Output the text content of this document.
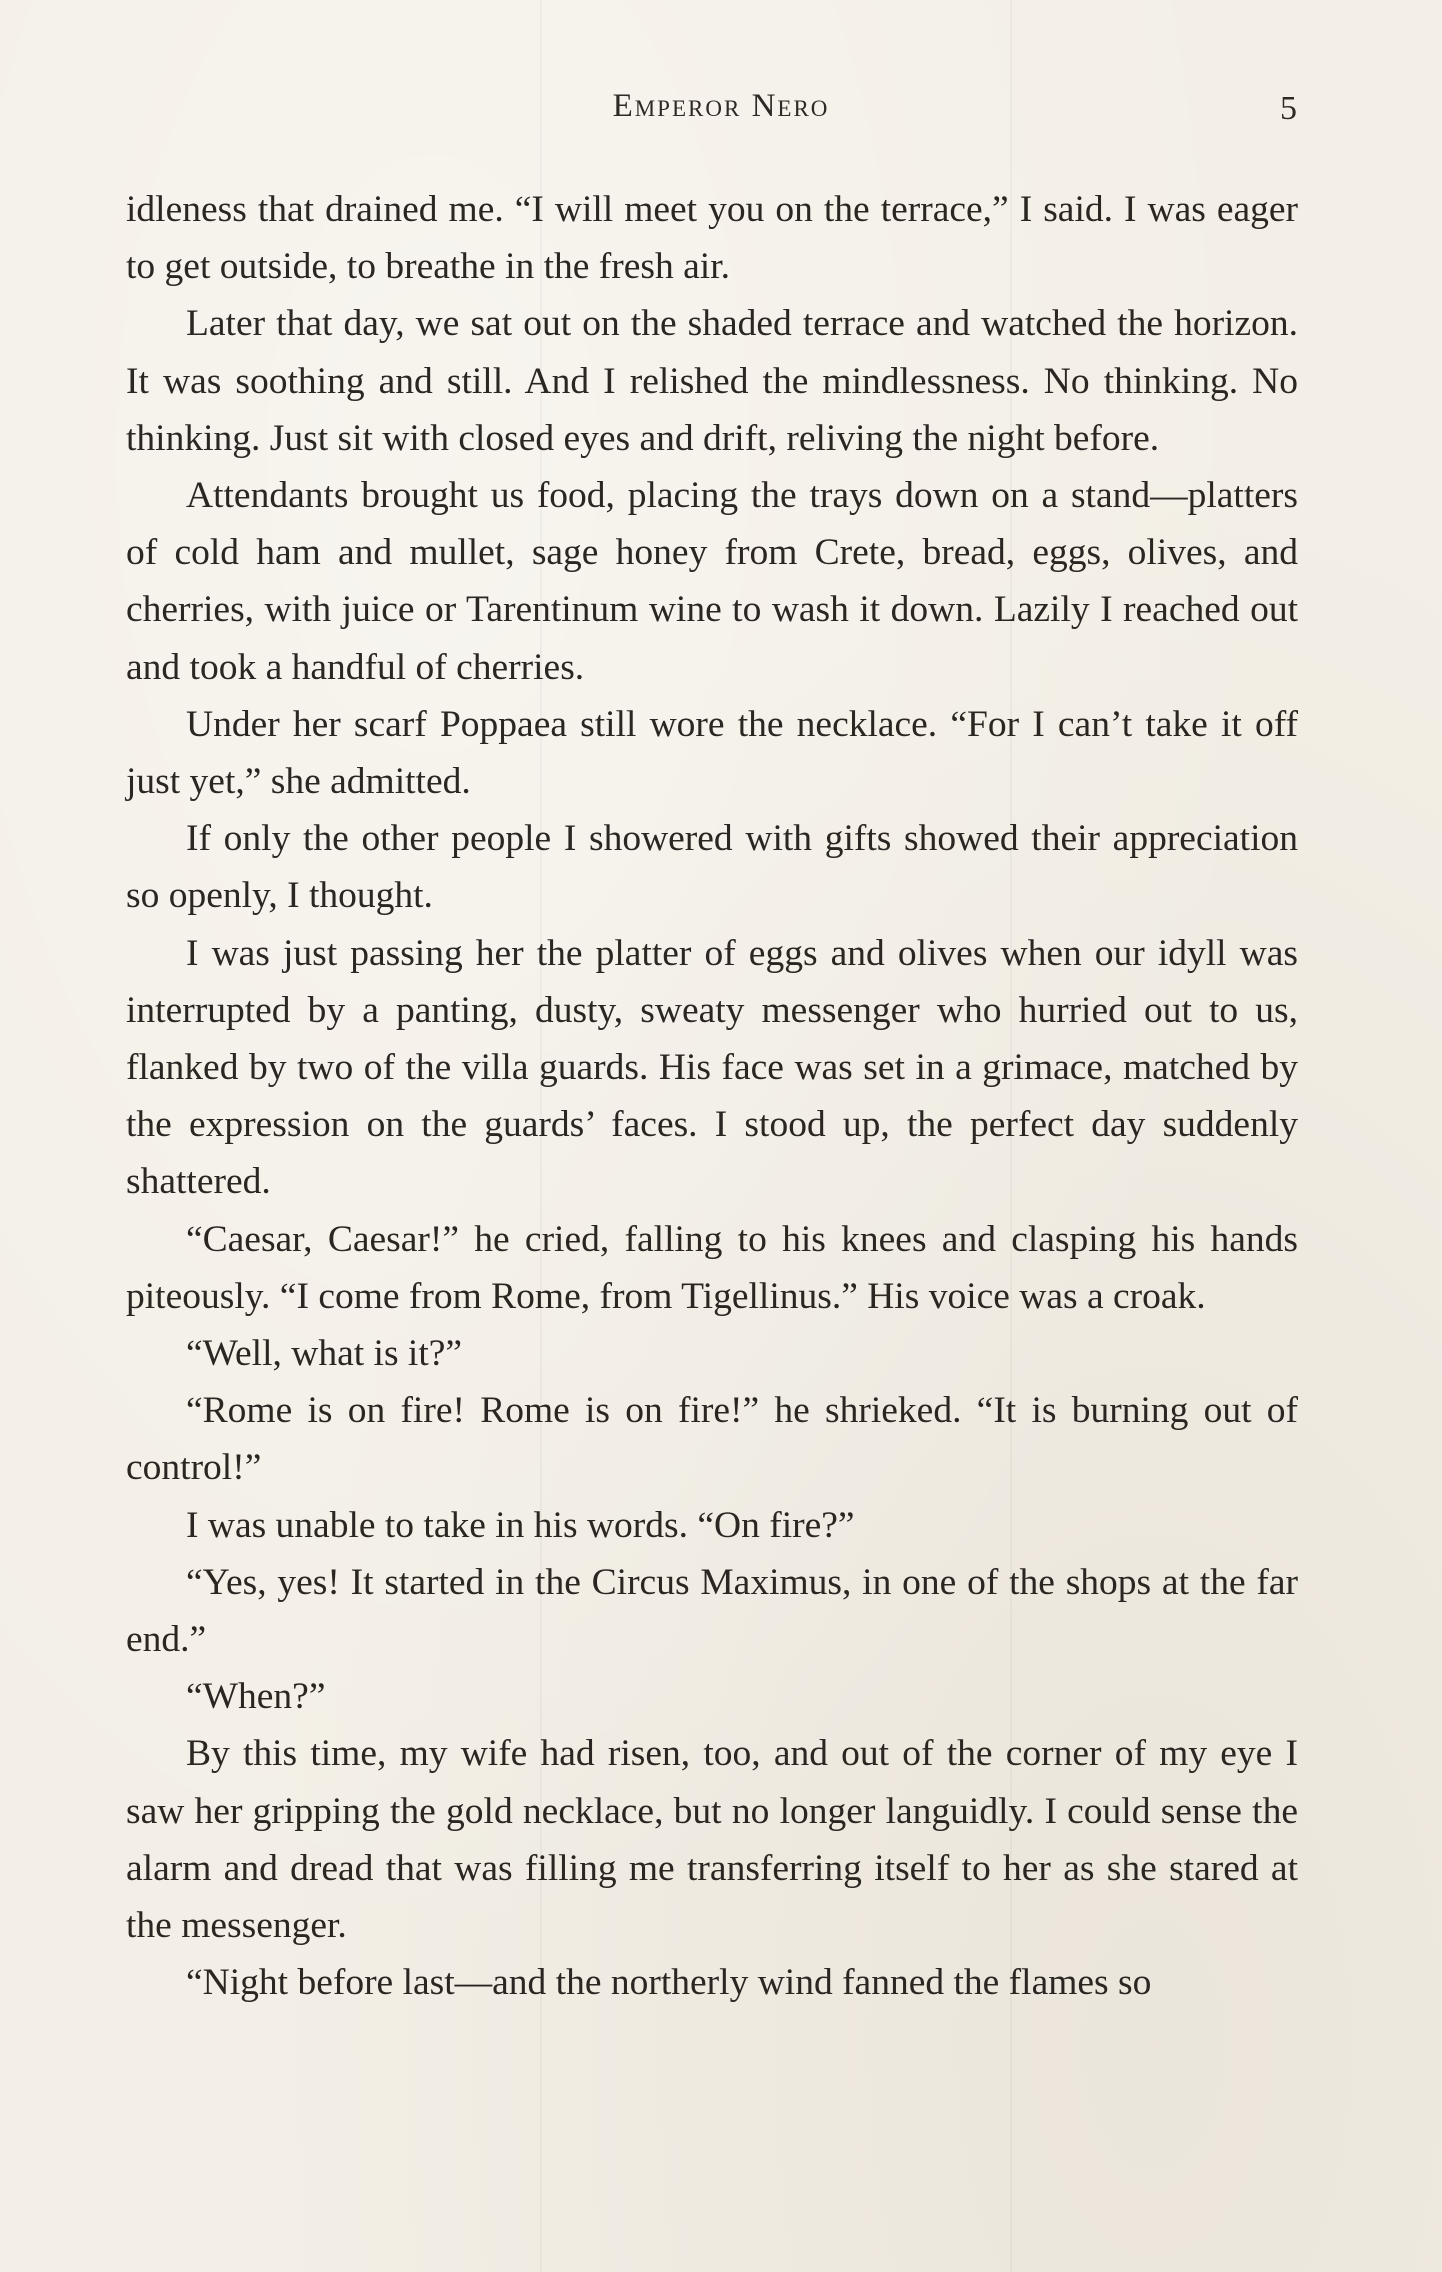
Emperor Nero	5

idleness that drained me. “I will meet you on the terrace,” I said. I was eager to get outside, to breathe in the fresh air.

Later that day, we sat out on the shaded terrace and watched the horizon. It was soothing and still. And I relished the mindlessness. No thinking. No thinking. Just sit with closed eyes and drift, reliving the night before.

Attendants brought us food, placing the trays down on a stand—platters of cold ham and mullet, sage honey from Crete, bread, eggs, olives, and cherries, with juice or Tarentinum wine to wash it down. Lazily I reached out and took a handful of cherries.

Under her scarf Poppaea still wore the necklace. “For I can’t take it off just yet,” she admitted.

If only the other people I showered with gifts showed their appreciation so openly, I thought.

I was just passing her the platter of eggs and olives when our idyll was interrupted by a panting, dusty, sweaty messenger who hurried out to us, flanked by two of the villa guards. His face was set in a grimace, matched by the expression on the guards’ faces. I stood up, the perfect day suddenly shattered.

“Caesar, Caesar!” he cried, falling to his knees and clasping his hands piteously. “I come from Rome, from Tigellinus.” His voice was a croak.

“Well, what is it?”

“Rome is on fire! Rome is on fire!” he shrieked. “It is burning out of control!”

I was unable to take in his words. “On fire?”

“Yes, yes! It started in the Circus Maximus, in one of the shops at the far end.”

“When?”

By this time, my wife had risen, too, and out of the corner of my eye I saw her gripping the gold necklace, but no longer languidly. I could sense the alarm and dread that was filling me transferring itself to her as she stared at the messenger.

“Night before last—and the northerly wind fanned the flames so
